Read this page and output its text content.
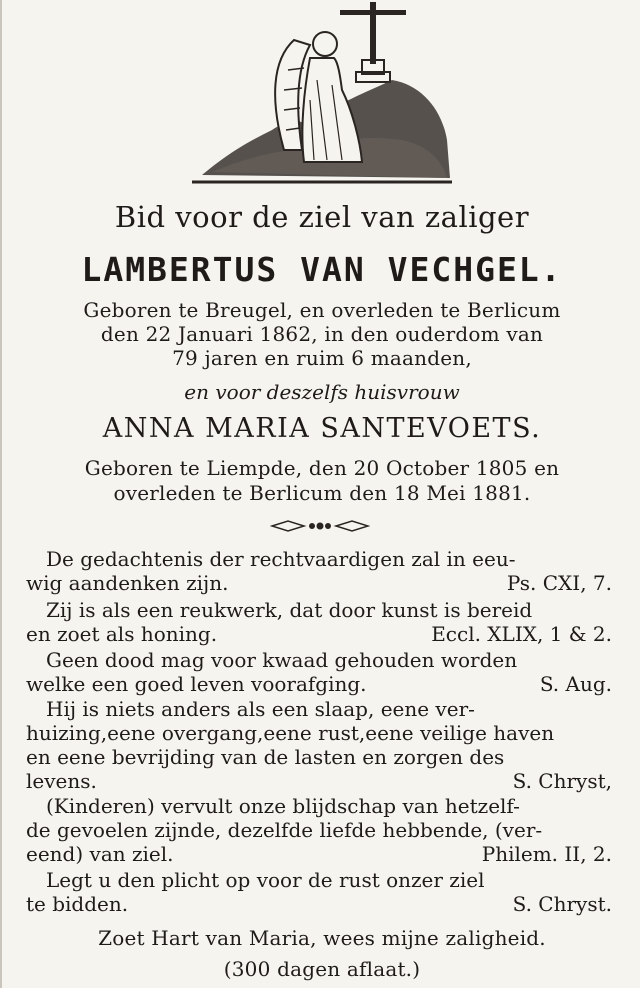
Bid voor de ziel van zaliger
LAMBERTUS VAN VECHGEL.
Geboren te Breugel, en overleden te Berlicum
den 22 Januari 1862, in den ouderdom van
79 jaren en ruim 6 maanden,
en voor deszelfs huisvrouw
ANNA MARIA SANTEVOETS.
Geboren te Liempde, den 20 October 1805 en
overleden te Berlicum den 18 Mei 1881.
De gedachtenis der rechtvaardigen zal in eeu-
wig aandenken zijn.	Ps. CXI, 7.
Zij is als een reukwerk, dat door kunst is bereid
en zoet als honing.	Eccl. XLIX, 1 & 2.
Geen dood mag voor kwaad gehouden worden
welke een goed leven voorafging.	S. Aug.
Hij is niets anders als een slaap, eene ver-
huizing,eene overgang,eene rust,eene veilige haven
en eene bevrijding van de lasten en zorgen des
levens.	S. Chryst,
(Kinderen) vervult onze blijdschap van hetzelf-
de gevoelen zijnde, dezelfde liefde hebbende, (ver-
eend) van ziel.	Philem. II, 2.
Legt u den plicht op voor de rust onzer ziel
te bidden.	S. Chryst.
Zoet Hart van Maria, wees mijne zaligheid.
(300 dagen aflaat.)
